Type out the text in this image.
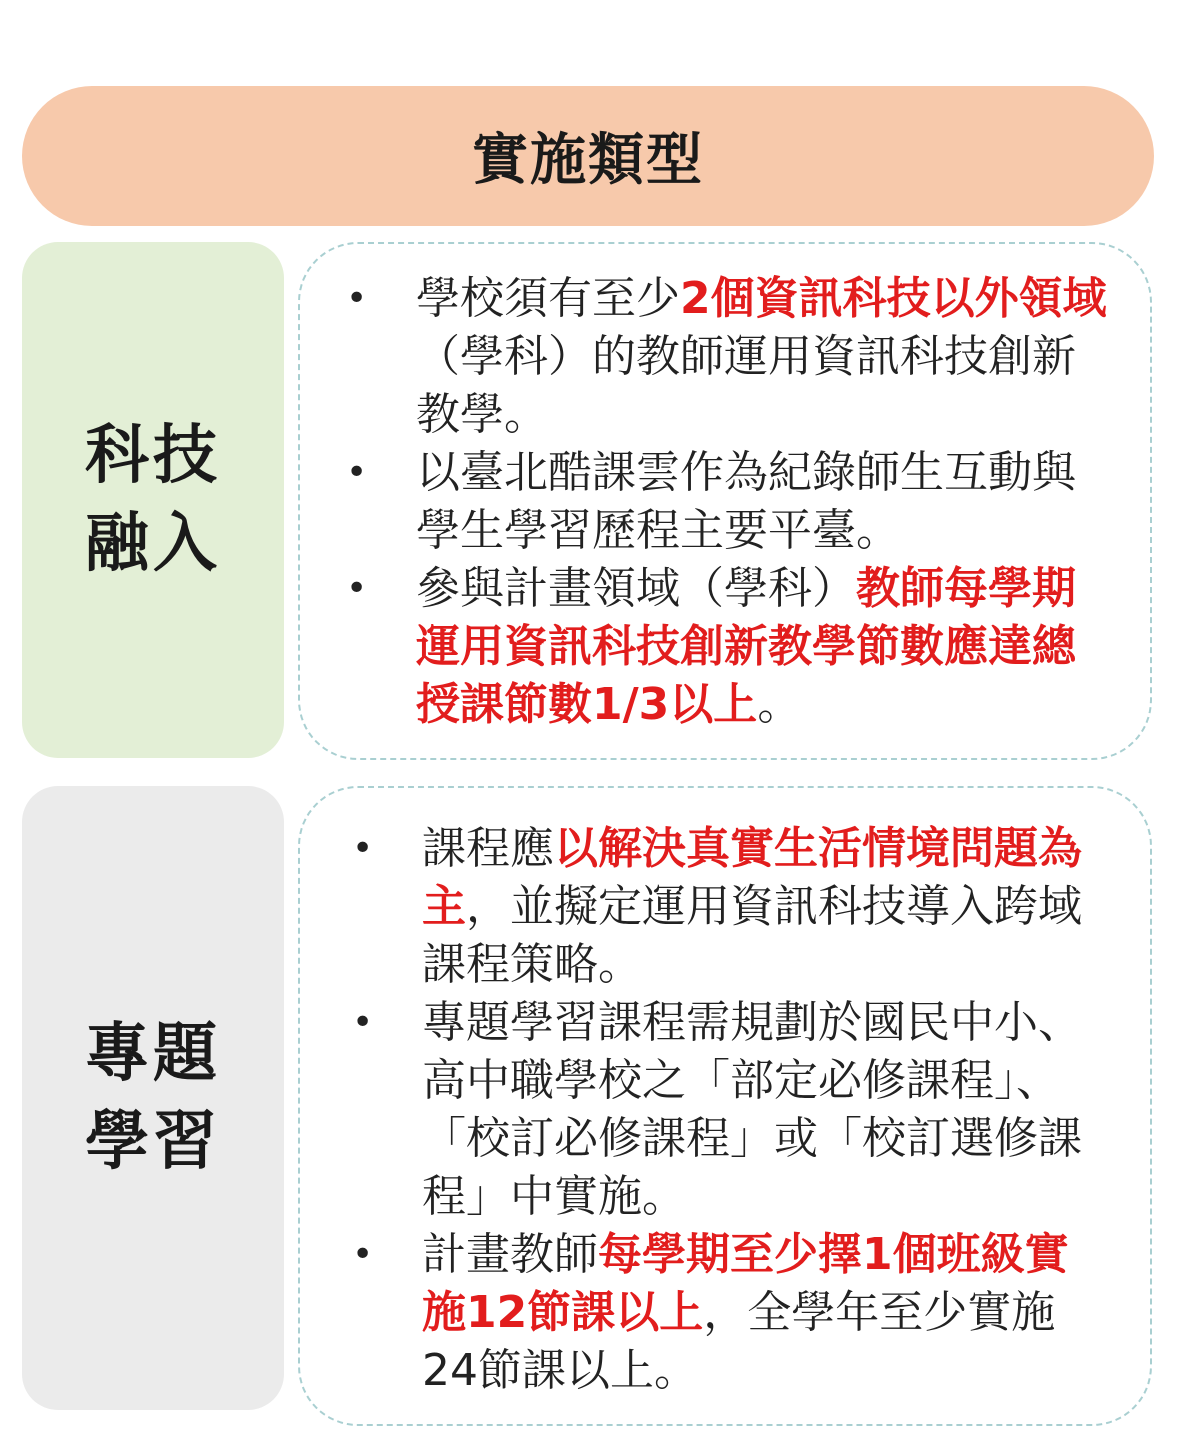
實施類型
科技
融入
• 學校須有至少2個資訊科技以外領域（學科）的教師運用資訊科技創新教學。
• 以臺北酷課雲作為紀錄師生互動與學生學習歷程主要平臺。
• 參與計畫領域（學科）教師每學期運用資訊科技創新教學節數應達總授課節數1/3以上。
專題
學習
• 課程應以解決真實生活情境問題為主，並擬定運用資訊科技導入跨域課程策略。
• 專題學習課程需規劃於國民中小、高中職學校之「部定必修課程」、「校訂必修課程」或「校訂選修課程」中實施。
• 計畫教師每學期至少擇1個班級實施12節課以上，全學年至少實施24節課以上。
